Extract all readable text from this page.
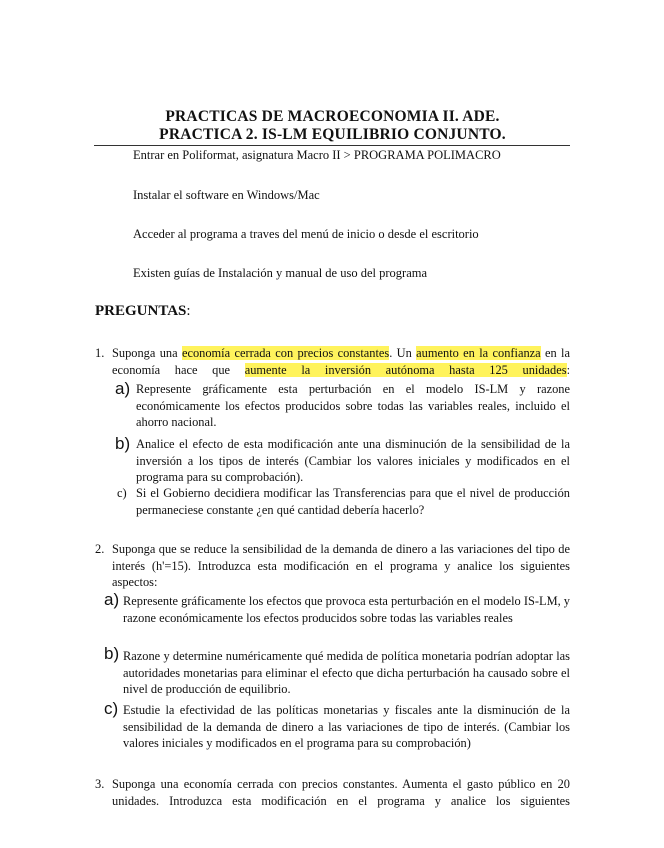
PRACTICAS DE MACROECONOMIA II. ADE.
PRACTICA 2. IS-LM EQUILIBRIO CONJUNTO.
Entrar en Poliformat, asignatura Macro II > PROGRAMA POLIMACRO
Instalar el software en Windows/Mac
Acceder al programa a traves del menú de inicio o desde el escritorio
Existen guías de Instalación y manual de uso del programa
PREGUNTAS:
1. Suponga una economía cerrada con precios constantes. Un aumento en la confianza en la economía hace que aumente la inversión autónoma hasta 125 unidades:
a) Represente gráficamente esta perturbación en el modelo IS-LM y razone económicamente los efectos producidos sobre todas las variables reales, incluido el ahorro nacional.
b) Analice el efecto de esta modificación ante una disminución de la sensibilidad de la inversión a los tipos de interés (Cambiar los valores iniciales y modificados en el programa para su comprobación).
c) Si el Gobierno decidiera modificar las Transferencias para que el nivel de producción permaneciese constante ¿en qué cantidad debería hacerlo?
2. Suponga que se reduce la sensibilidad de la demanda de dinero a las variaciones del tipo de interés (h'=15). Introduzca esta modificación en el programa y analice los siguientes aspectos:
a) Represente gráficamente los efectos que provoca esta perturbación en el modelo IS-LM, y razone económicamente los efectos producidos sobre todas las variables reales
b) Razone y determine numéricamente qué medida de política monetaria podrían adoptar las autoridades monetarias para eliminar el efecto que dicha perturbación ha causado sobre el nivel de producción de equilibrio.
c) Estudie la efectividad de las políticas monetarias y fiscales ante la disminución de la sensibilidad de la demanda de dinero a las variaciones de tipo de interés. (Cambiar los valores iniciales y modificados en el programa para su comprobación)
3. Suponga una economía cerrada con precios constantes. Aumenta el gasto público en 20 unidades. Introduzca esta modificación en el programa y analice los siguientes
